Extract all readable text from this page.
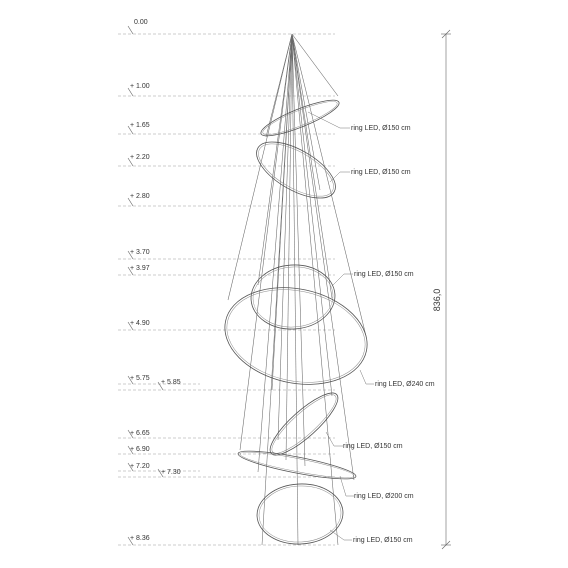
0.00
+ 1.00
+ 1.65
+ 2.20
+ 2.80
+ 3.70
+ 3.97
+ 4.90
+ 5.75
+ 5.85
+ 6.65
+ 6.90
+ 7.20
+ 7.30
+ 8.36
ring LED, Ø150 cm
ring LED, Ø150 cm
ring LED, Ø150 cm
ring LED, Ø240 cm
ring LED, Ø150 cm
ring LED, Ø200 cm
ring LED, Ø150 cm
836,0
